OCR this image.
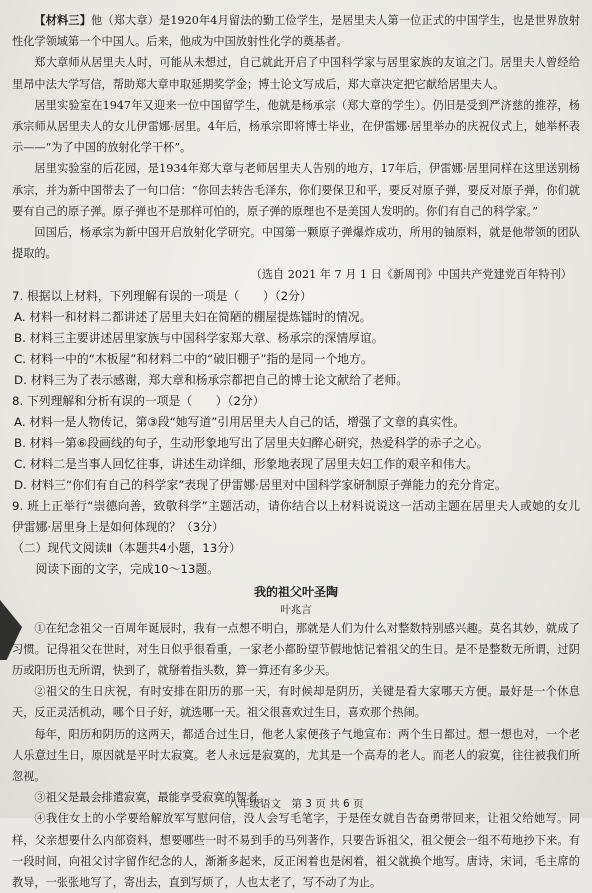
【材料三】他（郑大章）是1920年4月留法的勤工俭学生，是居里夫人第一位正式的中国学生，也是世界放射性化学领域第一个中国人。后来，他成为中国放射性化学的奠基者。

郑大章师从居里夫人时，可能从未想过，自己就此开启了中国科学家与居里家族的友谊之门。居里夫人曾经给里昂中法大学写信，帮助郑大章申取延期奖学金；博士论文写成后，郑大章决定把它献给居里夫人。

居里实验室在1947年又迎来一位中国留学生，他就是杨承宗（郑大章的学生）。仍旧是受到严济慈的推荐，杨承宗师从居里夫人的女儿伊雷娜·居里。4年后，杨承宗即将博士毕业，在伊雷娜·居里举办的庆祝仪式上，她举杯表示——“为了中国的放射化学干杯”。

居里实验室的后花园，是1934年郑大章与老师居里夫人告别的地方，17年后，伊雷娜·居里同样在这里送别杨承宗，并为新中国带去了一句口信：“你回去转告毛泽东，你们要保卫和平，要反对原子弹，要反对原子弹，你们就要有自己的原子弹。原子弹也不是那样可怕的，原子弹的原理也不是美国人发明的。你们有自己的科学家。”

回国后，杨承宗为新中国开启放射化学研究。中国第一颗原子弹爆炸成功，所用的铀原料，就是他带领的团队提取的。

（选自 2021 年 7 月 1 日《新周刊》中国共产党建党百年特刊）

7. 根据以上材料，下列理解有误的一项是（　　）（2分）

A. 材料一和材料二都讲述了居里夫妇在简陋的棚屋提炼镭时的情况。

B. 材料三主要讲述居里家族与中国科学家郑大章、杨承宗的深情厚谊。

C. 材料一中的“木板屋”和材料二中的“破旧棚子”指的是同一个地方。

D. 材料三为了表示感谢，郑大章和杨承宗都把自己的博士论文献给了老师。

8. 下列理解和分析有误的一项是（　　）（2分）

A. 材料一是人物传记，第③段“她写道”引用居里夫人自己的话，增强了文章的真实性。

B. 材料一第⑥段画线的句子，生动形象地写出了居里夫妇醉心研究，热爱科学的赤子之心。

C. 材料二是当事人回忆往事，讲述生动详细，形象地表现了居里夫妇工作的艰辛和伟大。

D. 材料三“你们有自己的科学家”表现了伊雷娜·居里对中国科学家研制原子弹能力的充分肯定。

9. 班上正举行“崇德向善，致敬科学”主题活动，请你结合以上材料说说这一活动主题在居里夫人或她的女儿伊雷娜·居里身上是如何体现的？（3分）

（二）现代文阅读Ⅱ（本题共4小题，13分）

阅读下面的文字，完成10～13题。

我的祖父叶圣陶
叶兆言

①在纪念祖父一百周年诞辰时，我有一点想不明白，那就是人们为什么对整数特别感兴趣。莫名其妙，就成了习惯。记得祖父在世时，对生日似乎很看重，一家老小都盼望节假地惦记着祖父的生日。是不是整数无所谓，过阴历或阳历也无所谓，快到了，就掰着指头数，算一算还有多少天。

②祖父的生日庆祝，有时安排在阳历的那一天，有时候却是阴历，关键是看大家哪天方便。最好是一个休息天，反正灵活机动，哪个日子好，就选哪一天。祖父很喜欢过生日，喜欢那个热闹。

每年，阳历和阴历的这两天，都适合过生日，他老人家便孩子气地宣布：两个生日都过。想一想也对，一个老人乐意过生日，原因就是平时太寂寞。老人永远是寂寞的，尤其是一个高寿的老人。而老人的寂寞，往往被我们所忽视。

③祖父是最会排遣寂寞，最能享受寂寞的智者。

④我住女上的小学要给解放军写慰问信，没人会写毛笔字，于是侄女就自告奋勇带回来，让祖父给她写。同样，父亲想要什么内部资料，想要哪些一时不易到手的马列著作，只要告诉祖父，祖父便会一组不苟地抄下来。有一段时间，向祖父讨字留作纪念的人，渐渐多起来，反正闲着也是闲着，祖父就换个地写。唐诗，宋词，毛主席的教导，一张张地写了，寄出去，直到写烦了，人也太老了，写不动了为止。

八年级语文　第 3 页 共 6 页
